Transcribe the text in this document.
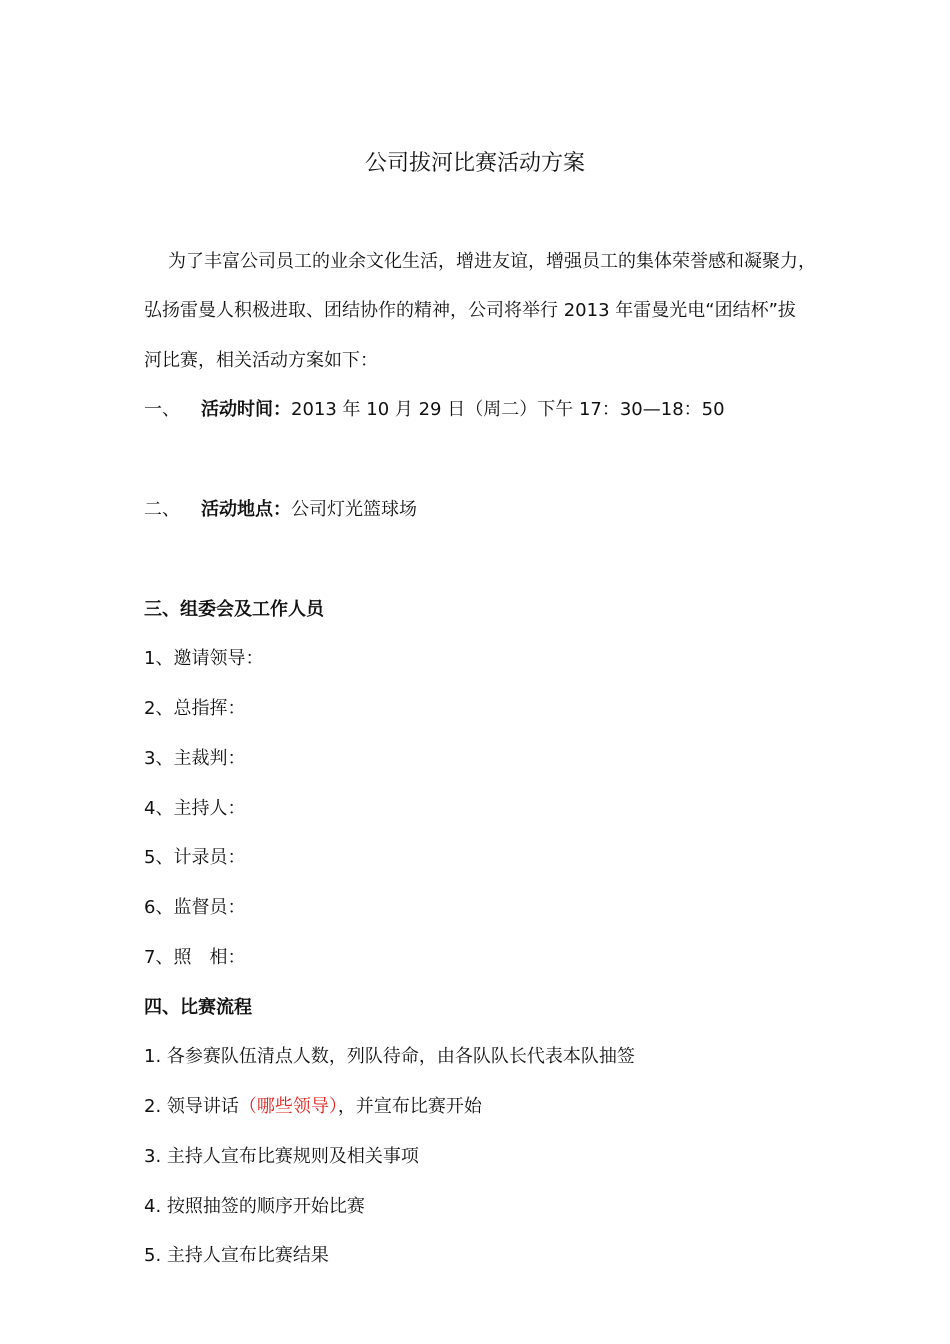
公司拔河比赛活动方案
为了丰富公司员工的业余文化生活，增进友谊，增强员工的集体荣誉感和凝聚力，
弘扬雷曼人积极进取、团结协作的精神，公司将举行 2013 年雷曼光电“团结杯”拔
河比赛，相关活动方案如下：
一、 活动时间：2013 年 10 月 29 日（周二）下午 17：30—18：50
二、 活动地点：公司灯光篮球场
三、组委会及工作人员
1、邀请领导：
2、总指挥：
3、主裁判：
4、主持人：
5、计录员：
6、监督员：
7、照　相：
四、比赛流程
1. 各参赛队伍清点人数，列队待命，由各队队长代表本队抽签
2. 领导讲话（哪些领导），并宣布比赛开始
3. 主持人宣布比赛规则及相关事项
4. 按照抽签的顺序开始比赛
5. 主持人宣布比赛结果
